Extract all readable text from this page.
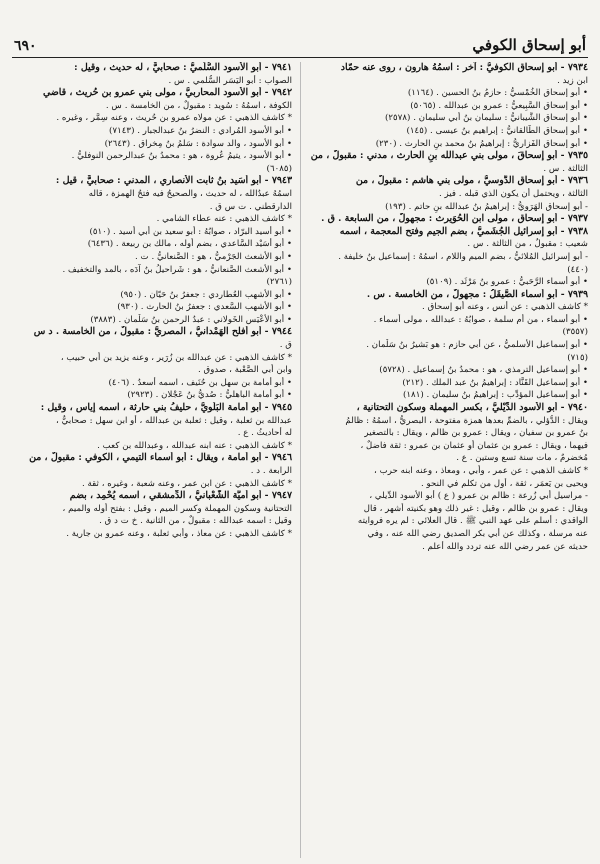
أبو إسحاق الكوفي
٦٩٠
٧٩٣٤ - أبو إسحاق الكوفيُّ : آخر : اسمُهُ هارون ، روى عنه حمّاد
ابن زيد .
• أبو إسحاق الخُمْسيُّ : حازمُ بنُ الحسين . (١١٦٤)
• أبو إسحاق السَّبِيعيُّ : عمرو بن عبدالله . (٥٠٦٥)
• أبو إسحاق الشَّيبانيُّ : سليمان بنُ أبي سليمان . (٢٥٧٨)
• أبو إسحاق الطَّالقانيُّ : إبراهيم بنُ عيسى . (١٤٥)
• أبو إسحاق الفَزاريُّ : إبراهيمُ بنُ محمد بنِ الحارث . (٢٣٠)
٧٩٣٥ - أبو إسحاقَ ، مولى بني عبدالله بنِ الحارث ، مدني : مقبولٌ ، من
الثالثة . س .
٧٩٣٦ - أبو إسحاق الدَّوسيُّ ، مولى بني هاشم : مقبولٌ ، من
الثالثة ، ويحتمل أن يكون الذي قبله . فيز .
- أبو إسحاق الهَرَويُّ : إبراهيمُ بنُ عبدالله بنِ حاتم . (١٩٣)
٧٩٣٧ - أبو إسحاق ، مولى ابن الحُوَيرث : مجهولٌ ، من السابعة . ق .
٧٩٣٨ - أبو إسرائيل الجُشَميُّ ، بضم الجيم وفتح المعجمة ، اسمه
شعيب : مقبولٌ ، من الثالثة . س .
- أبو إسرائيل المُلائيُّ ، بضم الميم واللام ، اسمُهُ : إسماعيل بنُ خليفة .
(٤٤٠)
• أبو أسماء الرَّحَبيُّ : عمرو بنُ مَرْثَد . (٥١٠٩)
٧٩٣٩ - أبو أسماء الصَّيقَلُ : مجهولٌ ، من الخامسة . س .
* كاشف الذهبي : عن أنس ، وعنه أبو إسحاق .
• أبو أسماء ، من أم سلمة ، صوابُهُ : عبدالله ، مولى أسماء .
(٣٥٥٧)
• أبو إسماعيل الأسلميُّ ، عن أبي حازم : هو بَشيرُ بنُ سَلْمان .
(٧١٥)
• أبو إسماعيل الترمذي ، هو : محمدُ بنُ إسماعيل . (٥٧٢٨)
• أبو إسماعيل القَنَّاد : إبراهيمُ بنُ عبد الملك . (٢١٢)
• أبو إسماعيل المؤدِّب : إبراهيمُ بنُ سليمان . (١٨١)
٧٩٤٠ - أبو الأسود الدِّيْليُّ ، بكسر المهملة وسكون التحتانية ،
ويقال : الدُّؤلي ، بالضمِّ بعدها همزة مفتوحة ، البصريُّ ، اسمُهُ : ظالمُ
بنُ عمرو بن سفيان ، ويقال : عمرو بن ظالم ، ويقال : بالتصغير
فيهما ، ويقال : عمرو بن عثمان أو عثمان بن عمرو : ثقة فاضلٌ ،
مُخضرمٌ ، مات سنة تسع وستين . ع .
* كاشف الذهبي : عن عمر ، وأُبي ، ومعاذ ، وعنه ابنه حرب ،
ويحيى بن يَعمَر ، ثقة ، أول من تكلم في النحو .
- مراسيل أبي زُرعة : ظالم بن عمرو ( ع ) أبو الأسود الدِّيلي ،
ويقال : عمرو بن ظالم ، وقيل : غير ذلك وهو بكنيته أشهر ، قال
الواقدي : أسلم على عهد النبي ﷺ . قال العلائي : لم يره فروايته
عنه مرسلة ، وكذلك عن أبي بكر الصديق رضي الله عنه ، وفي
حديثه عن عمر رضي الله عنه تردد والله أعلم .
٧٩٤١ - أبو الأسود السُّلَميُّ : صحابيٌّ ، له حديث ، وقيل :
الصواب : أبو اليَسَر السُّلمي . س .
٧٩٤٢ - أبو الأسود المحاربيُّ ، مولى بني عمرو بن حُريث ، قاضي
الكوفة ، اسمُهُ : سُويد : مقبولٌ ، من الخامسة . س .
* كاشف الذهبي : عن مولاه عمرو بن حُريث ، وعنه سِمَّر ، وغيره .
• أبو الأسود المُرادي : النضرُ بنُ عبدالجبار . (٧١٤٣)
• أبو الأسود ، والد سوادة : سَلمُ بنُ مِخراق . (٢٦٤٣)
• أبو الأسود ، يتيمُ عُروة ، هو : محمدُ بنُ عبدالرحمن النوفليُّ .
(٦٠٨٥)
٧٩٤٣ - أبو أُسَيد بنُ ثابت الأنصاري ، المدني : صحابيٌّ ، قيل :
اسمُهُ عبدُالله ، له حديث ، والصحيحُ فيه فتحُ الهمزة ، قاله
الدارقطني . ت س ق .
* كاشف الذهبي : عنه عطاء الشامي .
• أبو أُسيد البرّاد ، صوابُهُ : أبو سعيد بن أبي أسيد . (٥١٠)
• أبو أُسَيْد السَّاعدي ، بضم أوله ، مالك بن ربيعة . (٦٤٣٦)
• أبو الأشعث الجَرْميُّ ، هو : الصَّنعانيُّ . ت .
• أبو الأشعث الصَّنعانيُّ ، هو : شَراحيلُ بنُ آدَه ، بالمد والتخفيف .
(٢٧٦١)
• أبو الأشهب العُطاردي : جعفرُ بنُ حَيّان . (٩٥٠)
• أبو الأشهب السَّعدي : جعفرُ بنُ الحارث . (٩٣٠)
• أبو الأعْيَس الخَولاني : عبدُ الرحمن بنُ سَلْمان . (٣٨٨٣)
٧٩٤٤ - أبو أفلح الهَمْدانيُّ ، المصريُّ : مقبولٌ ، من الخامسة . د س
ق .
* كاشف الذهبي : عن عبدالله بن زُرَير ، وعنه يزيد بن أبي حبيب ،
وابن أبي الصَّعْبة ، صدوق .
• أبو أمامة بن سهل بن حُنَيف ، اسمه أسعدُ . (٤٠٦)
• أبو أمامة الباهليُّ : صُديُّ بنُ عَجْلان . (٢٩٢٣)
٧٩٤٥ - أبو أمامة البَلَويُّ ، حليفُ بني حارثة ، اسمه إياس ، وقيل :
عبدالله بن ثعلبة ، وقيل : ثعلبة بن عبدالله ، أو ابن سهل : صحابيٌّ ،
له أحاديثُ . ع .
* كاشف الذهبي : عنه ابنه عبدالله ، وعبدالله بن كعب .
٧٩٤٦ - أبو أمامة ، ويقال : أبو أسماء التيمي ، الكوفي : مقبولٌ ، من
الرابعة . د .
* كاشف الذهبي : عن ابن عمر ، وعنه شعبة ، وغيره ، ثقة .
٧٩٤٧ - أبو أُميَّة الشَّعْبانيُّ ، الدِّمشقي ، اسمه يُحْمِد ، بضم
التحتانية وسكون المهملة وكسر الميم ، وقيل : بفتح أوله والميم ،
وقيل : اسمه عبدالله : مقبولٌ ، من الثانية . خ ت د ق .
* كاشف الذهبي : عن معاذ ، وأبي ثعلبة ، وعنه عمرو بن جارية .
